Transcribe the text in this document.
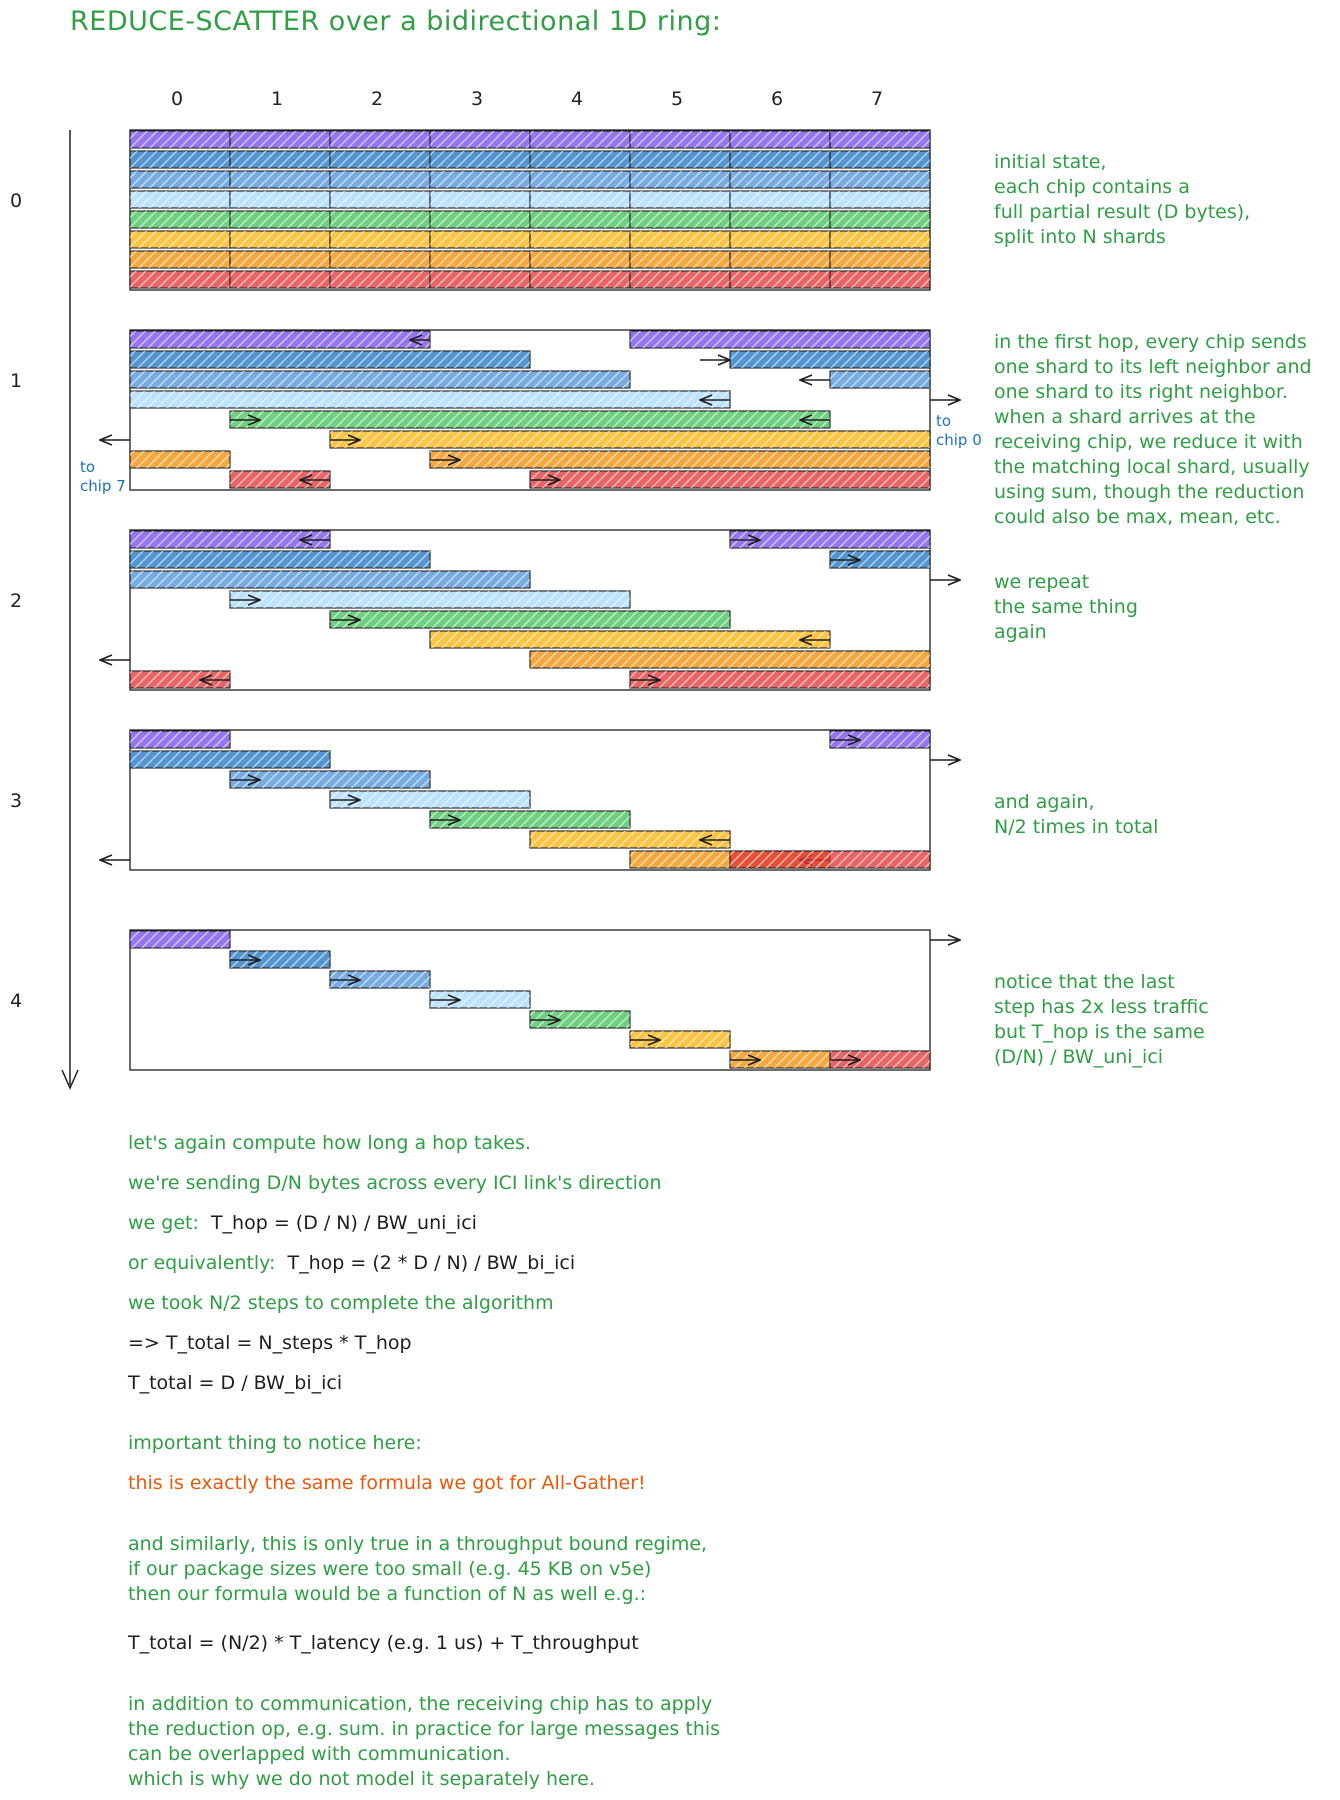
REDUCE-SCATTER over a bidirectional 1D ring:
0	1	2	3	4	5	6	7
0
1
2
3
4
initial state,
each chip contains a
full partial result (D bytes),
split into N shards
in the first hop, every chip sends
one shard to its left neighbor and
one shard to its right neighbor.
when a shard arrives at the
receiving chip, we reduce it with
the matching local shard, usually
using sum, though the reduction
could also be max, mean, etc.
we repeat
the same thing
again
and again,
N/2 times in total
notice that the last
step has 2x less traffic
but T_hop is the same
(D/N) / BW_uni_ici
to
chip 0
to
chip 7
let's again compute how long a hop takes.
we're sending D/N bytes across every ICI link's direction
we get:  T_hop = (D / N) / BW_uni_ici
or equivalently:  T_hop = (2 * D / N) / BW_bi_ici
we took N/2 steps to complete the algorithm
=> T_total = N_steps * T_hop
T_total = D / BW_bi_ici
important thing to notice here:
this is exactly the same formula we got for All-Gather!
and similarly, this is only true in a throughput bound regime,
if our package sizes were too small (e.g. 45 KB on v5e)
then our formula would be a function of N as well e.g.:
T_total = (N/2) * T_latency (e.g. 1 us) + T_throughput
in addition to communication, the receiving chip has to apply
the reduction op, e.g. sum. in practice for large messages this
can be overlapped with communication.
which is why we do not model it separately here.
